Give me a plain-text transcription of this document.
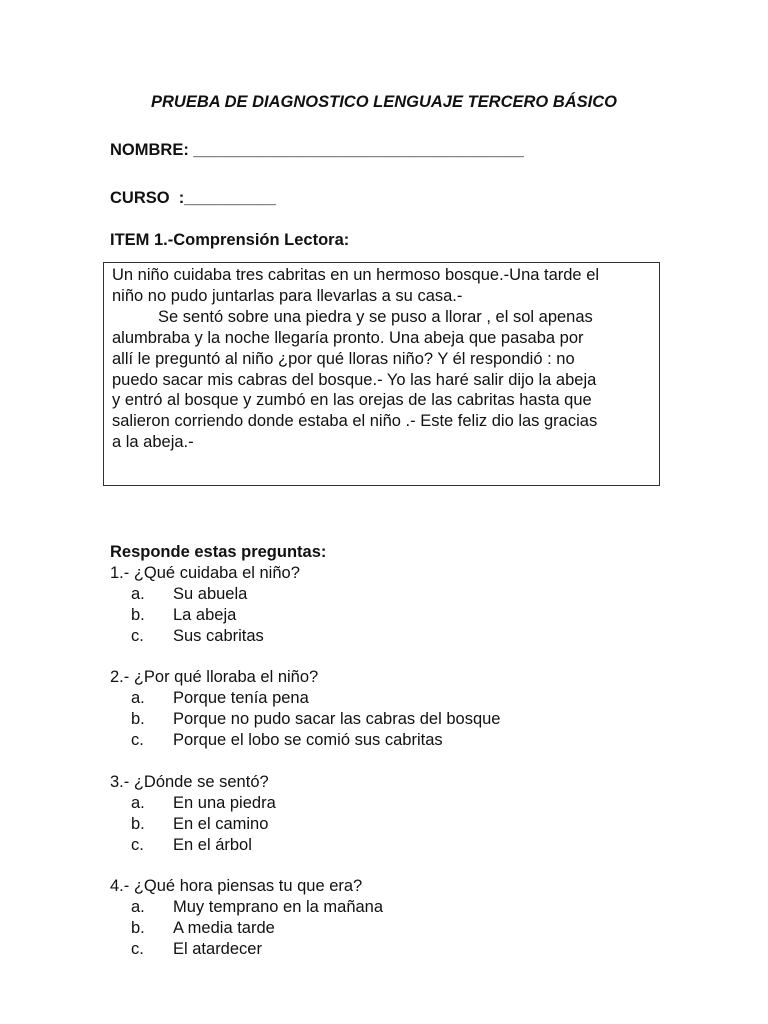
PRUEBA DE DIAGNOSTICO LENGUAJE TERCERO BÁSICO
NOMBRE: ____________________________________
CURSO  :__________
ITEM 1.-Comprensión Lectora:

Un niño cuidaba tres cabritas en un hermoso bosque.-Una tarde el

niño no pudo juntarlas para llevarlas a su casa.-

Se sentó sobre una piedra y se puso a llorar , el sol apenas

alumbraba y la noche llegaría pronto. Una abeja que pasaba por

allí le preguntó al niño ¿por qué lloras niño? Y él respondió : no

puedo sacar mis cabras del bosque.- Yo las haré salir dijo la abeja

y entró al bosque y zumbó en las orejas de las cabritas hasta que

salieron corriendo donde estaba el niño .- Este feliz dio las gracias

a la abeja.-

Responde estas preguntas:
1.- ¿Qué cuidaba el niño?
a. Su abuela
b. La abeja
c. Sus cabritas
2.- ¿Por qué lloraba el niño?
a. Porque tenía pena
b. Porque no pudo sacar las cabras del bosque
c. Porque el lobo se comió sus cabritas
3.- ¿Dónde se sentó?
a. En una piedra
b. En el camino
c. En el árbol
4.- ¿Qué hora piensas tu que era?
a. Muy temprano en la mañana
b. A media tarde
c. El atardecer
